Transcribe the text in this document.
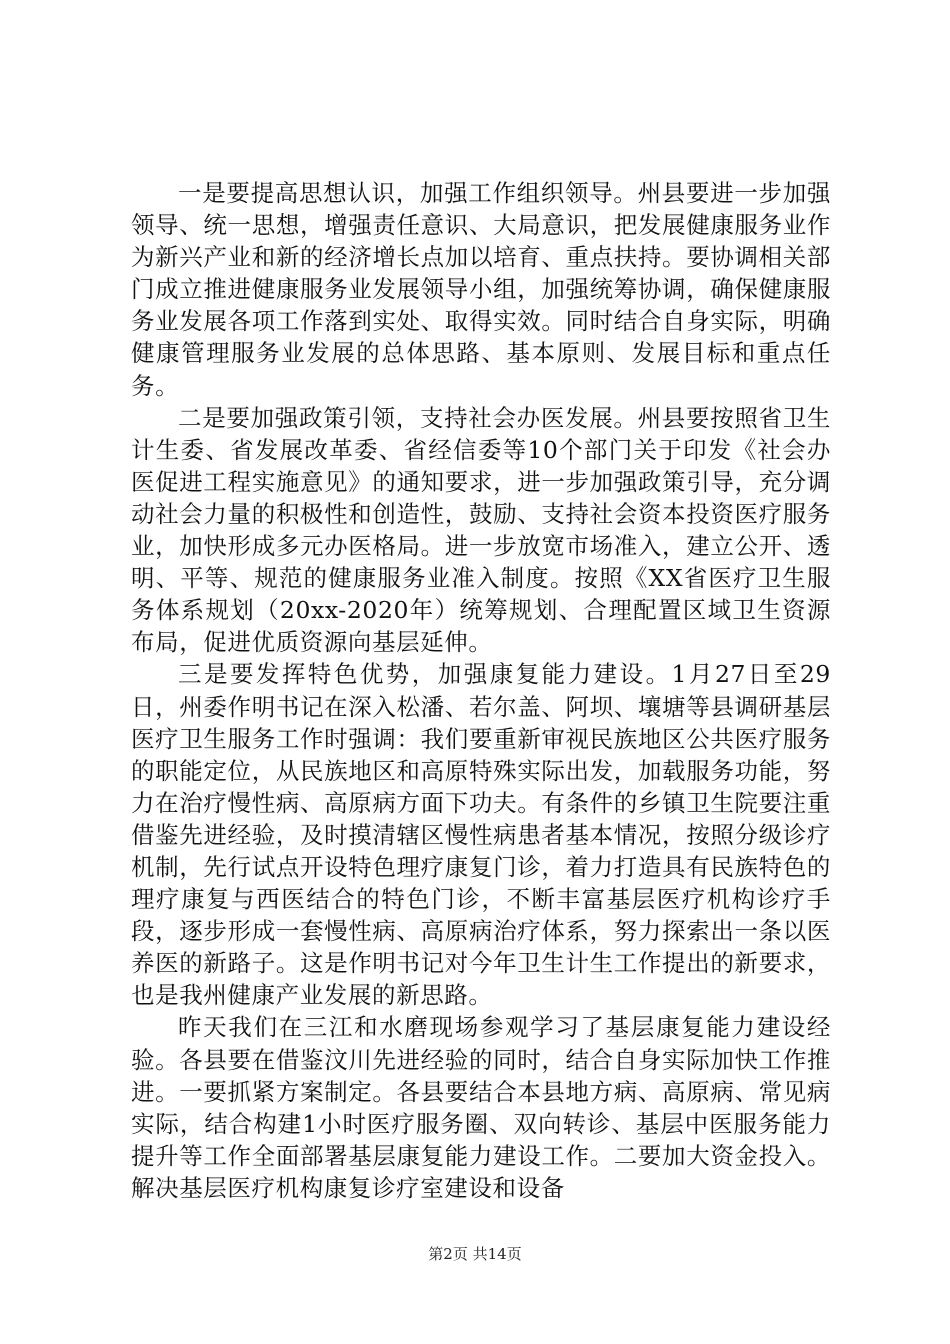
一是要提高思想认识，加强工作组织领导。州县要进一步加强领导、统一思想，增强责任意识、大局意识，把发展健康服务业作为新兴产业和新的经济增长点加以培育、重点扶持。要协调相关部门成立推进健康服务业发展领导小组，加强统筹协调，确保健康服务业发展各项工作落到实处、取得实效。同时结合自身实际，明确健康管理服务业发展的总体思路、基本原则、发展目标和重点任务。

二是要加强政策引领，支持社会办医发展。州县要按照省卫生计生委、省发展改革委、省经信委等10个部门关于印发《社会办医促进工程实施意见》的通知要求，进一步加强政策引导，充分调动社会力量的积极性和创造性，鼓励、支持社会资本投资医疗服务业，加快形成多元办医格局。进一步放宽市场准入，建立公开、透明、平等、规范的健康服务业准入制度。按照《XX省医疗卫生服务体系规划（20xx-2020年）统筹规划、合理配置区域卫生资源布局，促进优质资源向基层延伸。

三是要发挥特色优势，加强康复能力建设。1月27日至29日，州委作明书记在深入松潘、若尔盖、阿坝、壤塘等县调研基层医疗卫生服务工作时强调：我们要重新审视民族地区公共医疗服务的职能定位，从民族地区和高原特殊实际出发，加载服务功能，努力在治疗慢性病、高原病方面下功夫。有条件的乡镇卫生院要注重借鉴先进经验，及时摸清辖区慢性病患者基本情况，按照分级诊疗机制，先行试点开设特色理疗康复门诊，着力打造具有民族特色的理疗康复与西医结合的特色门诊，不断丰富基层医疗机构诊疗手段，逐步形成一套慢性病、高原病治疗体系，努力探索出一条以医养医的新路子。这是作明书记对今年卫生计生工作提出的新要求，也是我州健康产业发展的新思路。

昨天我们在三江和水磨现场参观学习了基层康复能力建设经验。各县要在借鉴汶川先进经验的同时，结合自身实际加快工作推进。一要抓紧方案制定。各县要结合本县地方病、高原病、常见病实际，结合构建1小时医疗服务圈、双向转诊、基层中医服务能力提升等工作全面部署基层康复能力建设工作。二要加大资金投入。解决基层医疗机构康复诊疗室建设和设备

第2页 共14页
